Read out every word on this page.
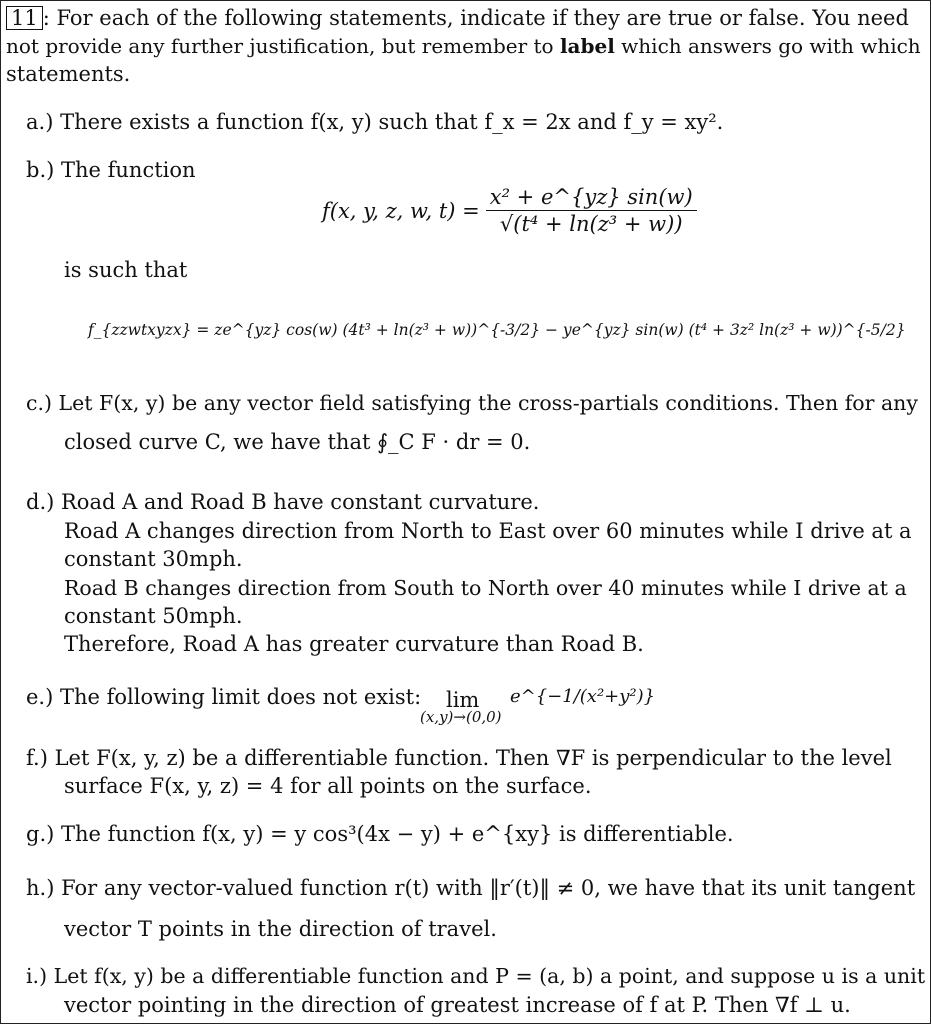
11 : For each of the following statements, indicate if they are true or false. You need
not provide any further justification, but remember to label which answers go with which
statements.
a.) There exists a function f(x, y) such that f_x = 2x and f_y = xy².
b.) The function
f(x, y, z, w, $t) = \frac{\text{x² + e\textasciicircum{}\{yz\} sin(w)}}{\text{√(t⁴ + ln(z³ + w))}}$
is such that
f_{zzwtxyzx} = ze^{yz} cos(w) (4t³ + ln(z³ + w))^{-3/2} − ye^{yz} sin(w) (t⁴ + 3z² ln(z³ + w))^{-5/2}
c.) Let F(x, y) be any vector field satisfying the cross-partials conditions. Then for any
closed curve C, we have that ∮_C F · dr = 0.
d.) Road A and Road B have constant curvature.
Road A changes direction from North to East over 60 minutes while I drive at a
constant 30mph.
Road B changes direction from South to North over 40 minutes while I drive at a
constant 50mph.
Therefore, Road A has greater curvature than Road B.
e.) The following limit does not exist: lim
(x,y)→(0,0)
e^{−1/(x²+y²)}
f.) Let F(x, y, z) be a differentiable function. Then ∇F is perpendicular to the level
surface F(x, y, z) = 4 for all points on the surface.
g.) The function f(x, y) = y cos³(4x − y) + e^{xy} is differentiable.
h.) For any vector-valued function r(t) with ‖r′(t)‖ ≠ 0, we have that its unit tangent
vector T points in the direction of travel.
i.) Let f(x, y) be a differentiable function and P = (a, b) a point, and suppose u is a unit
vector pointing in the direction of greatest increase of f at P. Then ∇f ⊥ u.
